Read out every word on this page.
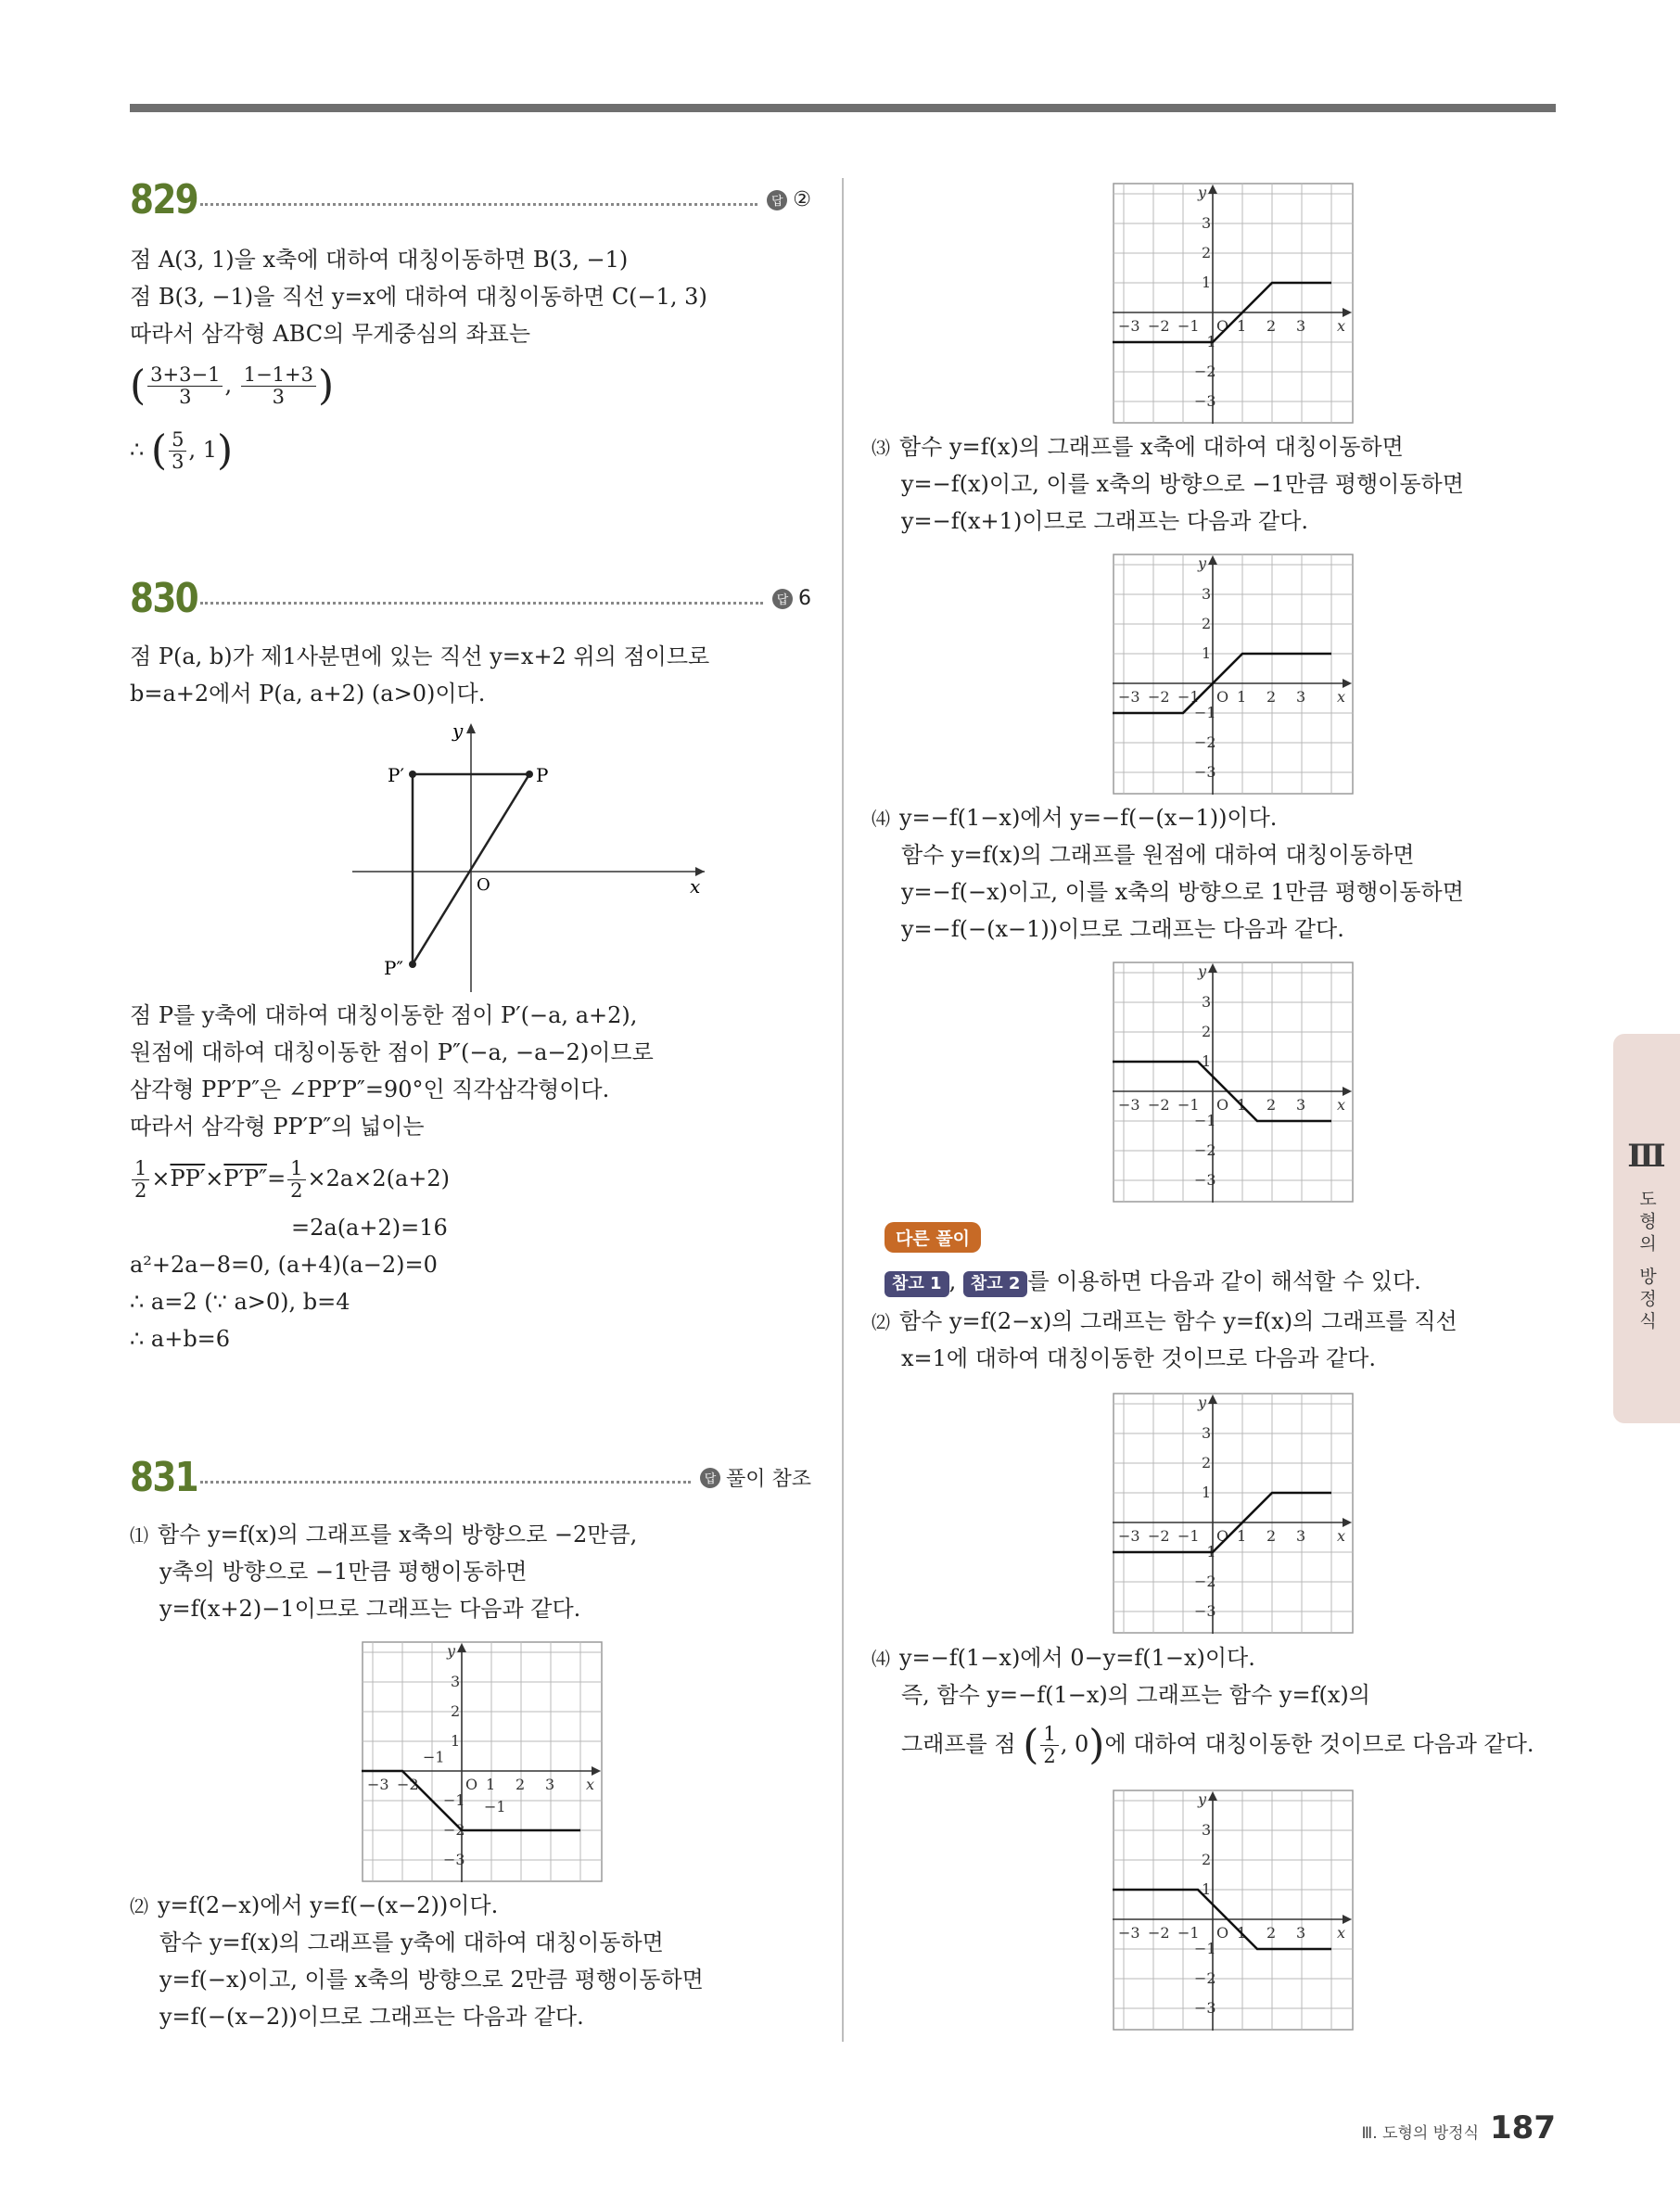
Ⅲ
도형의 방정식
829	답 ②
점 A(3, 1)을 x축에 대하여 대칭이동하면 B(3, −1)
점 B(3, −1)을 직선 y=x에 대하여 대칭이동하면 C(−1, 3)
따라서 삼각형 ABC의 무게중심의 좌표는
( $\frac{3+3-1}{3}$ , $\frac{1-1+3}{3}$ )
∴ ( $\frac{5}{3}$ , 1)
830	답 6
점 P(a, b)가 제1사분면에 있는 직선 y=x+2 위의 점이므로
b=a+2에서 P(a, a+2) (a>0)이다.
P
P′
P″
O	x
y
점 P를 y축에 대하여 대칭이동한 점이 P′(−a, a+2),
원점에 대하여 대칭이동한 점이 P″(−a, −a−2)이므로
삼각형 PP′P″은 ∠PP′P″=90°인 직각삼각형이다.
따라서 삼각형 PP′P″의 넓이는
$\frac{1}{2} \times PP'\times P'P''= \frac{1}{2} \times 2a\times 2(a+2)$
=2a(a+2)=16
a²+2a−8=0, (a+4)(a−2)=0
∴ a=2 (∵ a>0), b=4
∴ a+b=6
831	답 풀이 참조
⑴ 함수 y=f(x)의 그래프를 x축의 방향으로 −2만큼,
y축의 방향으로 −1만큼 평행이동하면
y=f(x+2)−1이므로 그래프는 다음과 같다.
−3 −2	1 2 3
3
2
1
−1
−2
−3
O	x
y
−1
−1
⑵ y=f(2−x)에서 y=f(−(x−2))이다.
함수 y=f(x)의 그래프를 y축에 대하여 대칭이동하면
y=f(−x)이고, 이를 x축의 방향으로 2만큼 평행이동하면
y=f(−(x−2))이므로 그래프는 다음과 같다.
−3 −2 −1	1 2 3
3
2
1
−1
−2
−3
O	x
y
⑶ 함수 y=f(x)의 그래프를 x축에 대하여 대칭이동하면
y=−f(x)이고, 이를 x축의 방향으로 −1만큼 평행이동하면
y=−f(x+1)이므로 그래프는 다음과 같다.
−3 −2 −1	1 2 3
3
2
1
−1
−2
−3
O	x
y
⑷ y=−f(1−x)에서 y=−f(−(x−1))이다.
함수 y=f(x)의 그래프를 원점에 대하여 대칭이동하면
y=−f(−x)이고, 이를 x축의 방향으로 1만큼 평행이동하면
y=−f(−(x−1))이므로 그래프는 다음과 같다.
−3 −2 −1	1 2 3
3
2
1
−1
−2
−3
O	x
y
다른 풀이
참고 1 , 참고 2 를 이용하면 다음과 같이 해석할 수 있다.
⑵ 함수 y=f(2−x)의 그래프는 함수 y=f(x)의 그래프를 직선
x=1에 대하여 대칭이동한 것이므로 다음과 같다.
−3 −2 −1	1 2 3
3
2
1
−1
−2
−3
O	x
y
⑷ y=−f(1−x)에서 0−y=f(1−x)이다.
즉, 함수 y=−f(1−x)의 그래프는 함수 y=f(x)의
그래프를 점 ( $\frac{1}{2}$ , 0)에 대하여 대칭이동한 것이므로 다음과 같다.
−3 −2 −1	1 2 3
3
2
1
−1
−2
−3
O	x
y
Ⅲ. 도형의 방정식 187
